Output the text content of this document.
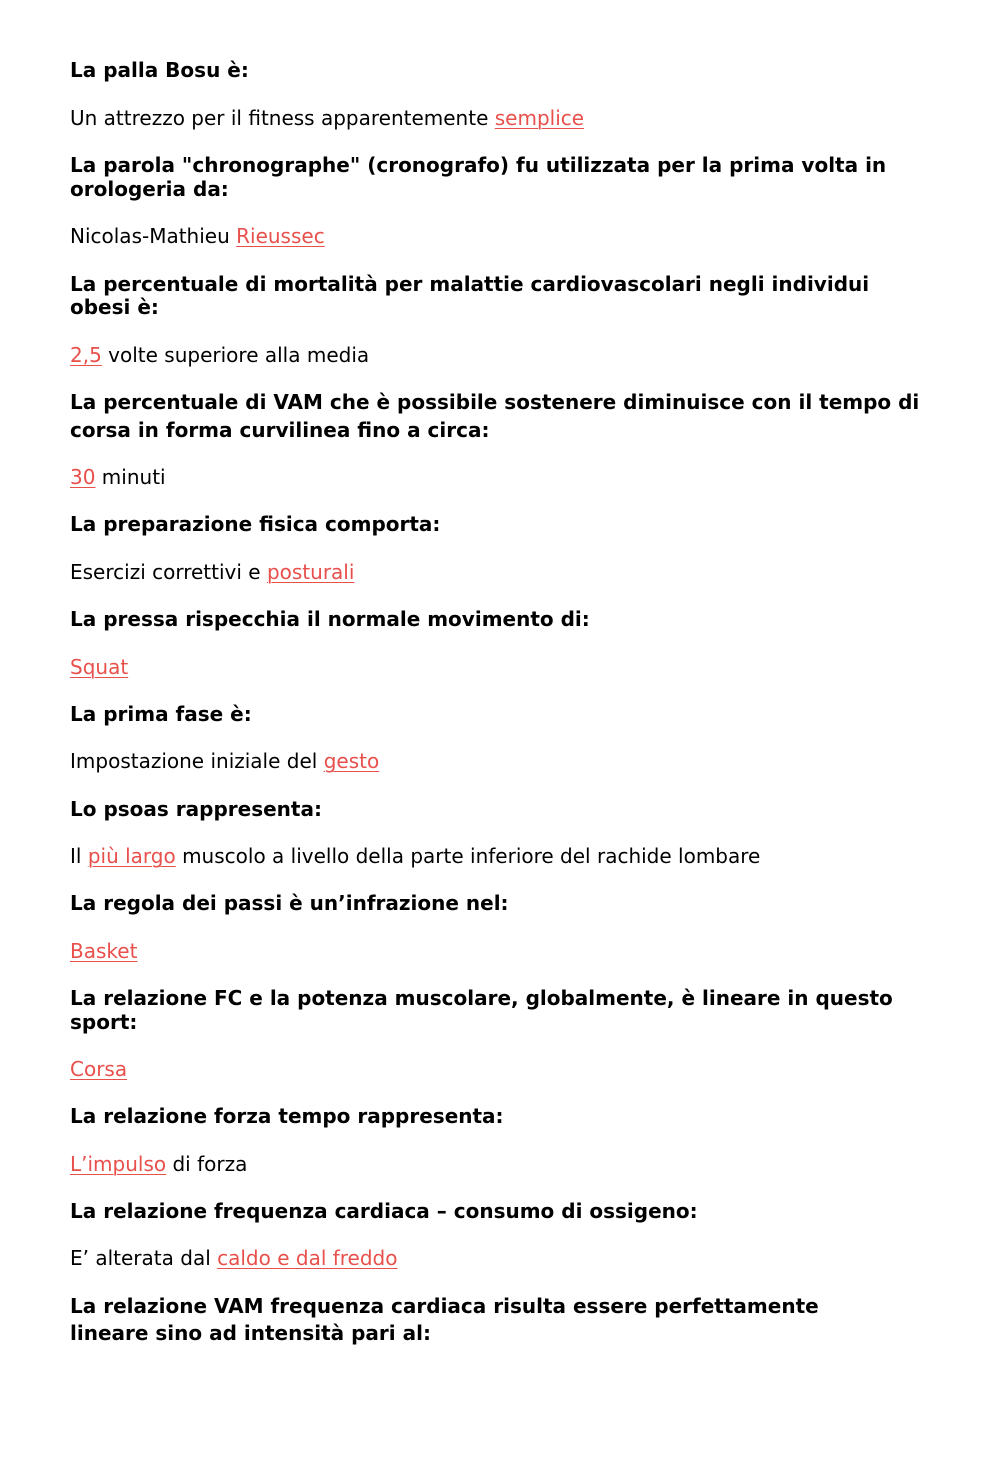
La palla Bosu è:

Un attrezzo per il fitness apparentemente semplice

La parola "chronographe" (cronografo) fu utilizzata per la prima volta in

orologeria da:

Nicolas-Mathieu Rieussec

La percentuale di mortalità per malattie cardiovascolari negli individui

obesi è:

2,5 volte superiore alla media

La percentuale di VAM che è possibile sostenere diminuisce con il tempo di

corsa in forma curvilinea fino a circa:

30 minuti

La preparazione fisica comporta:

Esercizi correttivi e posturali

La pressa rispecchia il normale movimento di:

Squat

La prima fase è:

Impostazione iniziale del gesto

Lo psoas rappresenta:

Il più largo muscolo a livello della parte inferiore del rachide lombare

La regola dei passi è un’infrazione nel:

Basket

La relazione FC e la potenza muscolare, globalmente, è lineare in questo

sport:

Corsa

La relazione forza tempo rappresenta:

L’impulso di forza

La relazione frequenza cardiaca – consumo di ossigeno:

E’ alterata dal caldo e dal freddo

La relazione VAM frequenza cardiaca risulta essere perfettamente

lineare sino ad intensità pari al:
